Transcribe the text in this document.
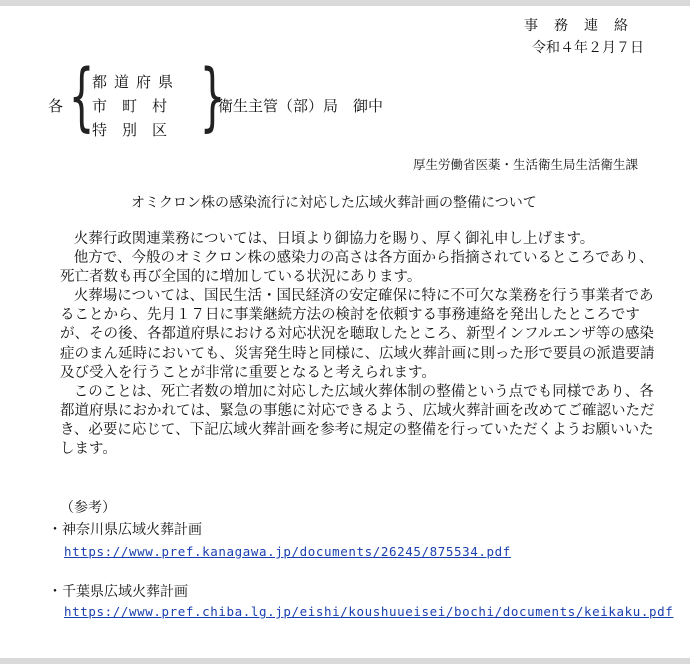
事　務　連　絡
令和４年２月７日
各 {
都道府県
市　町　村
特　別　区 }
衛生主管（部）局　御中
厚生労働省医薬・生活衛生局生活衛生課
オミクロン株の感染流行に対応した広域火葬計画の整備について

火葬行政関連業務については、日頃より御協力を賜り、厚く御礼申し上げます。

他方で、今般のオミクロン株の感染力の高さは各方面から指摘されているところであり、死亡者数も再び全国的に増加している状況にあります。

火葬場については、国民生活・国民経済の安定確保に特に不可欠な業務を行う事業者であることから、先月１７日に事業継続方法の検討を依頼する事務連絡を発出したところですが、その後、各都道府県における対応状況を聴取したところ、新型インフルエンザ等の感染症のまん延時においても、災害発生時と同様に、広域火葬計画に則った形で要員の派遣要請及び受入を行うことが非常に重要となると考えられます。

このことは、死亡者数の増加に対応した広域火葬体制の整備という点でも同様であり、各都道府県におかれては、緊急の事態に対応できるよう、広域火葬計画を改めてご確認いただき、必要に応じて、下記広域火葬計画を参考に規定の整備を行っていただくようお願いいたします。

（参考）
・神奈川県広域火葬計画
https://www.pref.kanagawa.jp/documents/26245/875534.pdf
・千葉県広域火葬計画
https://www.pref.chiba.lg.jp/eishi/koushuueisei/bochi/documents/keikaku.pdf
